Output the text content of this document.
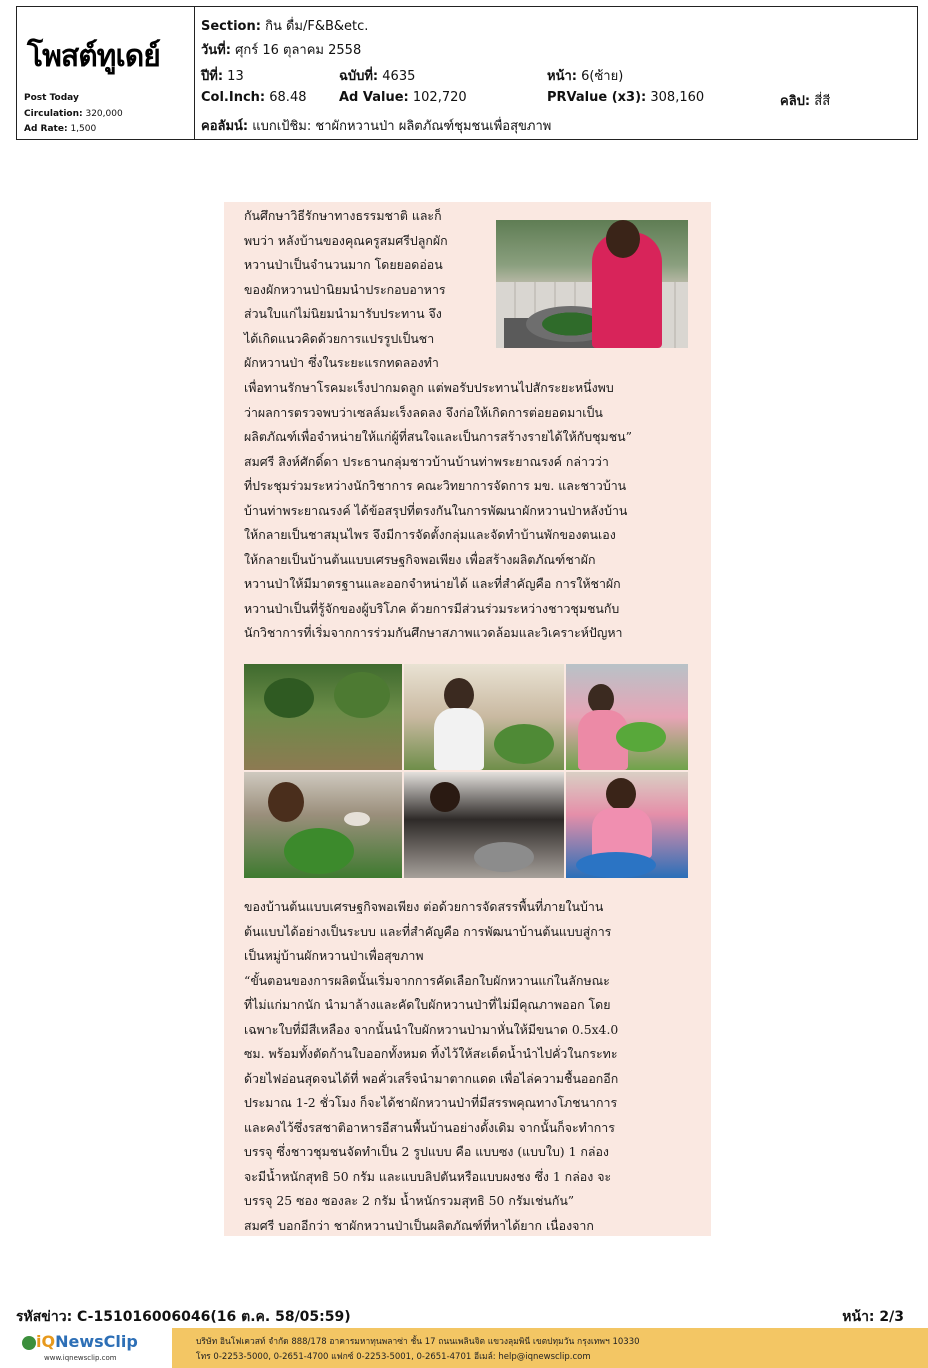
โพสต์ทูเดย์
Post Today
Circulation: 320,000
Ad Rate: 1,500
Section: กิน ดื่ม/F&B&etc.
วันที่: ศุกร์ 16 ตุลาคม 2558
ปีที่: 13	ฉบับที่: 4635	หน้า: 6(ซ้าย)
Col.Inch: 68.48	Ad Value: 102,720	PRValue (x3): 308,160	คลิป: สี่สี
คอลัมน์: แบกเป้ชิม: ชาผักหวานป่า ผลิตภัณฑ์ชุมชนเพื่อสุขภาพ
กันศึกษาวิธีรักษาทางธรรมชาติ และก็
พบว่า หลังบ้านของคุณครูสมศรีปลูกผัก
หวานป่าเป็นจำนวนมาก โดยยอดอ่อน
ของผักหวานป่านิยมนำประกอบอาหาร
ส่วนใบแก่ไม่นิยมนำมารับประทาน จึง
ได้เกิดแนวคิดด้วยการแปรรูปเป็นชา
ผักหวานป่า ซึ่งในระยะแรกทดลองทำ
เพื่อทานรักษาโรคมะเร็งปากมดลูก แต่พอรับประทานไปสักระยะหนึ่งพบ
ว่าผลการตรวจพบว่าเซลล์มะเร็งลดลง จึงก่อให้เกิดการต่อยอดมาเป็น
ผลิตภัณฑ์เพื่อจำหน่ายให้แก่ผู้ที่สนใจและเป็นการสร้างรายได้ให้กับชุมชน”
สมศรี สิงห์ศักดิ์ดา ประธานกลุ่มชาวบ้านบ้านท่าพระยาณรงค์ กล่าวว่า
ที่ประชุมร่วมระหว่างนักวิชาการ คณะวิทยาการจัดการ มข. และชาวบ้าน
บ้านท่าพระยาณรงค์ ได้ข้อสรุปที่ตรงกันในการพัฒนาผักหวานป่าหลังบ้าน
ให้กลายเป็นชาสมุนไพร จึงมีการจัดตั้งกลุ่มและจัดทำบ้านพักของตนเอง
ให้กลายเป็นบ้านต้นแบบเศรษฐกิจพอเพียง เพื่อสร้างผลิตภัณฑ์ชาผัก
หวานป่าให้มีมาตรฐานและออกจำหน่ายได้ และที่สำคัญคือ การให้ชาผัก
หวานป่าเป็นที่รู้จักของผู้บริโภค ด้วยการมีส่วนร่วมระหว่างชาวชุมชนกับ
นักวิชาการที่เริ่มจากการร่วมกันศึกษาสภาพแวดล้อมและวิเคราะห์ปัญหา
ของบ้านต้นแบบเศรษฐกิจพอเพียง ต่อด้วยการจัดสรรพื้นที่ภายในบ้าน
ต้นแบบได้อย่างเป็นระบบ และที่สำคัญคือ การพัฒนาบ้านต้นแบบสู่การ
เป็นหมู่บ้านผักหวานป่าเพื่อสุขภาพ
“ขั้นตอนของการผลิตนั้นเริ่มจากการคัดเลือกใบผักหวานแก่ในลักษณะ
ที่ไม่แก่มากนัก นำมาล้างและคัดใบผักหวานป่าที่ไม่มีคุณภาพออก โดย
เฉพาะใบที่มีสีเหลือง จากนั้นนำใบผักหวานป่ามาหั่นให้มีขนาด 0.5x4.0
ซม. พร้อมทั้งตัดก้านใบออกทั้งหมด ทิ้งไว้ให้สะเด็ดน้ำนำไปคั่วในกระทะ
ด้วยไฟอ่อนสุดจนได้ที่ พอคั่วเสร็จนำมาตากแดด เพื่อไล่ความชื้นออกอีก
ประมาณ 1-2 ชั่วโมง ก็จะได้ชาผักหวานป่าที่มีสรรพคุณทางโภชนาการ
และคงไว้ซึ่งรสชาติอาหารอีสานพื้นบ้านอย่างดั้งเดิม จากนั้นก็จะทำการ
บรรจุ ซึ่งชาวชุมชนจัดทำเป็น 2 รูปแบบ คือ แบบซง (แบบใบ) 1 กล่อง
จะมีน้ำหนักสุทธิ 50 กรัม และแบบลิปตันหรือแบบผงชง ซึ่ง 1 กล่อง จะ
บรรจุ 25 ซอง ซองละ 2 กรัม น้ำหนักรวมสุทธิ 50 กรัมเช่นกัน”
สมศรี บอกอีกว่า ชาผักหวานป่าเป็นผลิตภัณฑ์ที่หาได้ยาก เนื่องจาก
รหัสข่าว: C-151016006046(16 ต.ค. 58/05:59)	หน้า: 2/3
iQNewsClip
www.iqnewsclip.com
บริษัท อินโฟเควสท์ จำกัด 888/178 อาคารมหาทุนพลาซ่า ชั้น 17 ถนนเพลินจิต แขวงลุมพินี เขตปทุมวัน กรุงเทพฯ 10330
โทร 0-2253-5000, 0-2651-4700 แฟกซ์ 0-2253-5001, 0-2651-4701 อีเมล์: help@iqnewsclip.com
